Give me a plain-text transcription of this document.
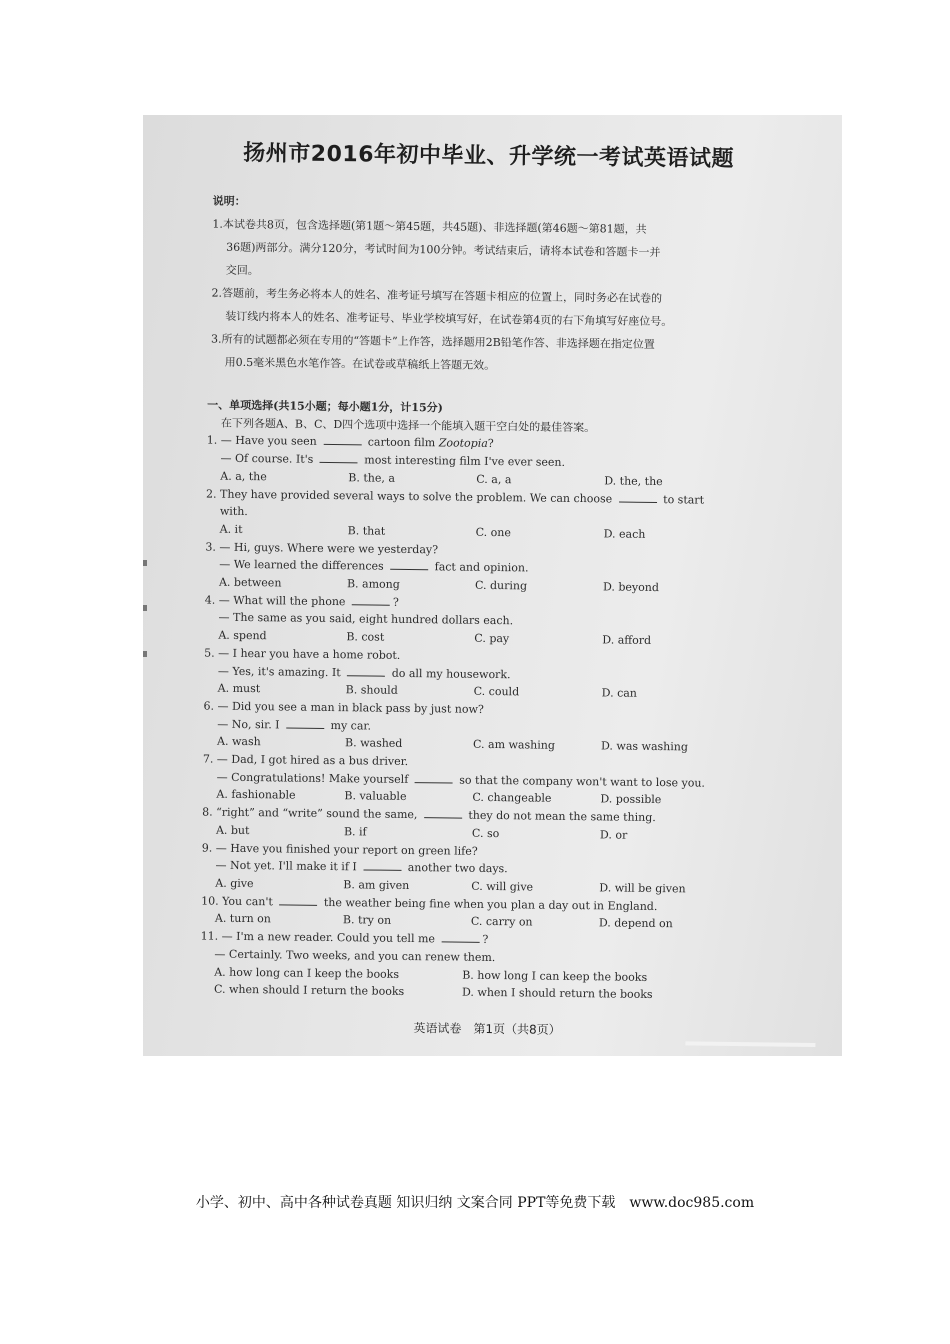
扬州市2016年初中毕业、升学统一考试英语试题
说明：
1.本试卷共8页，包含选择题(第1题～第45题，共45题)、非选择题(第46题～第81题，共
36题)两部分。满分120分，考试时间为100分钟。考试结束后，请将本试卷和答题卡一并
交回。
2.答题前，考生务必将本人的姓名、准考证号填写在答题卡相应的位置上，同时务必在试卷的
装订线内将本人的姓名、准考证号、毕业学校填写好，在试卷第4页的右下角填写好座位号。
3.所有的试题都必须在专用的“答题卡”上作答，选择题用2B铅笔作答、非选择题在指定位置
用0.5毫米黑色水笔作答。在试卷或草稿纸上答题无效。
一、单项选择(共15小题；每小题1分，计15分)
在下列各题A、B、C、D四个选项中选择一个能填入题干空白处的最佳答案。
1. — Have you seen	cartoon film Zootopia?
— Of course. It's	most interesting film I've ever seen.
A. a, the	B. the, a	C. a, a	D. the, the
2. They have provided several ways to solve the problem. We can choose	to start
with.
A. it	B. that	C. one	D. each
3. — Hi, guys. Where were we yesterday?
— We learned the differences	fact and opinion.
A. between	B. among	C. during	D. beyond
4. — What will the phone	?
— The same as you said, eight hundred dollars each.
A. spend	B. cost	C. pay	D. afford
5. — I hear you have a home robot.
— Yes, it's amazing. It	do all my housework.
A. must	B. should	C. could	D. can
6. — Did you see a man in black pass by just now?
— No, sir. I	my car.
A. wash	B. washed	C. am washing	D. was washing
7. — Dad, I got hired as a bus driver.
— Congratulations! Make yourself	so that the company won't want to lose you.
A. fashionable	B. valuable	C. changeable	D. possible
8. “right” and “write” sound the same,	they do not mean the same thing.
A. but	B. if	C. so	D. or
9. — Have you finished your report on green life?
— Not yet. I'll make it if I	another two days.
A. give	B. am given	C. will give	D. will be given
10. You can't	the weather being fine when you plan a day out in England.
A. turn on	B. try on	C. carry on	D. depend on
11. — I'm a new reader. Could you tell me	?
— Certainly. Two weeks, and you can renew them.
A. how long can I keep the books	B. how long I can keep the books
C. when should I return the books	D. when I should return the books
英语试卷　第1页（共8页）
小学、初中、高中各种试卷真题 知识归纳 文案合同 PPT等免费下载　www.doc985.com
